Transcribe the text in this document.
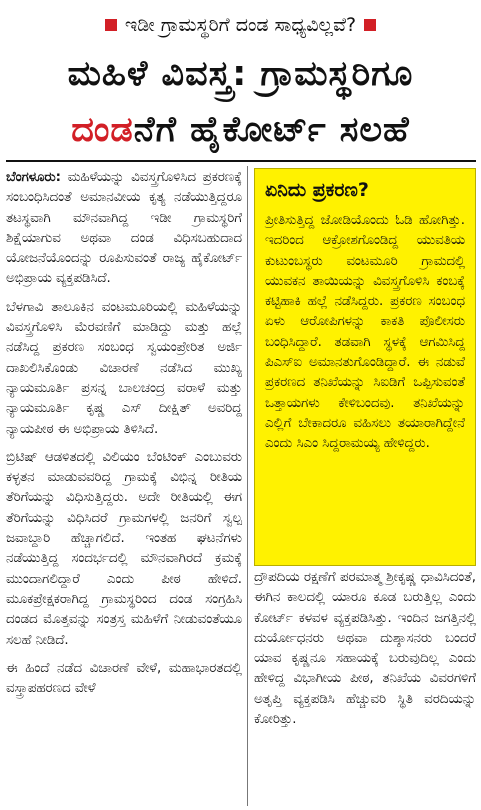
ಇಡೀ ಗ್ರಾಮಸ್ಥರಿಗೆ ದಂಡ ಸಾಧ್ಯವಿಲ್ಲವೆ?
ಮಹಿಳೆ ವಿವಸ್ತ್ರ: ಗ್ರಾಮಸ್ಥರಿಗೂ
ದಂಡನೆಗೆ ಹೈಕೋರ್ಟ್ ಸಲಹೆ

ಬೆಂಗಳೂರು: ಮಹಿಳೆಯನ್ನು ವಿವಸ್ತ್ರಗೊಳಿಸಿದ ಪ್ರಕರಣಕ್ಕೆ ಸಂಬಂಧಿಸಿದಂತೆ ಅಮಾನವೀಯ ಕೃತ್ಯ ನಡೆಯುತ್ತಿದ್ದರೂ ತಟಸ್ಥವಾಗಿ ಮೌನವಾಗಿದ್ದ ಇಡೀ ಗ್ರಾಮಸ್ಥರಿಗೆ ಶಿಕ್ಷೆಯಾಗುವ ಅಥವಾ ದಂಡ ವಿಧಿಸಬಹುದಾದ ಯೋಜನೆಯೊಂದನ್ನು ರೂಪಿಸುವಂತೆ ರಾಜ್ಯ ಹೈಕೋರ್ಟ್ ಅಭಿಪ್ರಾಯ ವ್ಯಕ್ತಪಡಿಸಿದೆ.

ಬೆಳಗಾವಿ ತಾಲೂಕಿನ ವಂಟಮೂರಿಯಲ್ಲಿ ಮಹಿಳೆಯನ್ನು ವಿವಸ್ತ್ರಗೊಳಿಸಿ ಮೆರವಣಿಗೆ ಮಾಡಿದ್ದು ಮತ್ತು ಹಲ್ಲೆ ನಡೆಸಿದ್ದ ಪ್ರಕರಣ ಸಂಬಂಧ ಸ್ವಯಂಪ್ರೇರಿತ ಅರ್ಜಿ ದಾಖಲಿಸಿಕೊಂಡು ವಿಚಾರಣೆ ನಡೆಸಿದ ಮುಖ್ಯ ನ್ಯಾಯಮೂರ್ತಿ ಪ್ರಸನ್ನ ಬಾಲಚಂದ್ರ ವರಾಳೆ ಮತ್ತು ನ್ಯಾಯಮೂರ್ತಿ ಕೃಷ್ಣ ಎಸ್ ದೀಕ್ಷಿತ್ ಅವರಿದ್ದ ನ್ಯಾಯಪೀಠ ಈ ಅಭಿಪ್ರಾಯ ತಿಳಿಸಿದೆ.

ಬ್ರಿಟಿಷ್ ಆಡಳಿತದಲ್ಲಿ ವಿಲಿಯಂ ಬೆಂಟಿಂಕ್ ಎಂಬುವರು ಕಳ್ಳತನ ಮಾಡುವವರಿದ್ದ ಗ್ರಾಮಕ್ಕೆ ವಿಭಿನ್ನ ರೀತಿಯ ತೆರಿಗೆಯನ್ನು ವಿಧಿಸುತ್ತಿದ್ದರು. ಅದೇ ರೀತಿಯಲ್ಲಿ ಈಗ ತೆರಿಗೆಯನ್ನು ವಿಧಿಸಿದರೆ ಗ್ರಾಮಗಳಲ್ಲಿ ಜನರಿಗೆ ಸ್ವಲ್ಪ ಜವಾಬ್ದಾರಿ ಹೆಚ್ಚಾಗಲಿದೆ. ಇಂತಹ ಘಟನೆಗಳು ನಡೆಯುತ್ತಿದ್ದ ಸಂದರ್ಭದಲ್ಲಿ ಮೌನವಾಗಿರದೆ ಕ್ರಮಕ್ಕೆ ಮುಂದಾಗಲಿದ್ದಾರೆ ಎಂದು ಪೀಠ ಹೇಳಿದೆ. ಮೂಕಪ್ರೇಕ್ಷಕರಾಗಿದ್ದ ಗ್ರಾಮಸ್ಥರಿಂದ ದಂಡ ಸಂಗ್ರಹಿಸಿ ದಂಡದ ಮೊತ್ತವನ್ನು ಸಂತ್ರಸ್ತ ಮಹಿಳೆಗೆ ನೀಡುವಂತೆಯೂ ಸಲಹೆ ನೀಡಿದೆ.

ಈ ಹಿಂದೆ ನಡೆದ ವಿಚಾರಣೆ ವೇಳೆ, ಮಹಾಭಾರತದಲ್ಲಿ ವಸ್ತ್ರಾಪಹರಣದ ವೇಳೆ

ಏನಿದು ಪ್ರಕರಣ?
ಪ್ರೀತಿಸುತ್ತಿದ್ದ ಜೋಡಿಯೊಂದು ಓಡಿ ಹೋಗಿತ್ತು. ಇದರಿಂದ ಆಕ್ರೋಶಗೊಂಡಿದ್ದ ಯುವತಿಯ ಕುಟುಂಬಸ್ಥರು ವಂಟಮೂರಿ ಗ್ರಾಮದಲ್ಲಿ ಯುವಕನ ತಾಯಿಯನ್ನು ವಿವಸ್ತ್ರಗೊಳಿಸಿ ಕಂಬಕ್ಕೆ ಕಟ್ಟಿಹಾಕಿ ಹಲ್ಲೆ ನಡೆಸಿದ್ದರು. ಪ್ರಕರಣ ಸಂಬಂಧ ಏಳು ಆರೋಪಿಗಳನ್ನು ಕಾಕತಿ ಪೊಲೀಸರು ಬಂಧಿಸಿದ್ದಾರೆ. ತಡವಾಗಿ ಸ್ಥಳಕ್ಕೆ ಆಗಮಿಸಿದ್ದ ಪಿಎಸ್ಐ ಅಮಾನತುಗೊಂಡಿದ್ದಾರೆ. ಈ ನಡುವೆ ಪ್ರಕರಣದ ತನಿಖೆಯನ್ನು ಸಿಐಡಿಗೆ ಒಪ್ಪಿಸುವಂತೆ ಒತ್ತಾಯಗಳು ಕೇಳಿಬಂದವು. ತನಿಖೆಯನ್ನು ಎಲ್ಲಿಗೆ ಬೇಕಾದರೂ ವಹಿಸಲು ತಯಾರಾಗಿದ್ದೇನೆ ಎಂದು ಸಿಎಂ ಸಿದ್ದರಾಮಯ್ಯ ಹೇಳಿದ್ದರು.

ದ್ರೌಪದಿಯ ರಕ್ಷಣೆಗೆ ಪರಮಾತ್ಮ ಶ್ರೀಕೃಷ್ಣ ಧಾವಿಸಿದಂತೆ, ಈಗಿನ ಕಾಲದಲ್ಲಿ ಯಾರೂ ಕೂಡ ಬರುತ್ತಿಲ್ಲ ಎಂದು ಕೋರ್ಟ್ ಕಳವಳ ವ್ಯಕ್ತಪಡಿಸಿತ್ತು. ಇಂದಿನ ಜಗತ್ತಿನಲ್ಲಿ ದುರ್ಯೋಧನರು ಅಥವಾ ದುಶ್ಶಾಸನರು ಬಂದರೆ ಯಾವ ಕೃಷ್ಣನೂ ಸಹಾಯಕ್ಕೆ ಬರುವುದಿಲ್ಲ ಎಂದು ಹೇಳಿದ್ದ ವಿಭಾಗೀಯ ಪೀಠ, ತನಿಖೆಯ ವಿವರಗಳಿಗೆ ಅತೃಪ್ತಿ ವ್ಯಕ್ತಪಡಿಸಿ ಹೆಚ್ಚುವರಿ ಸ್ಥಿತಿ ವರದಿಯನ್ನು ಕೋರಿತ್ತು.
